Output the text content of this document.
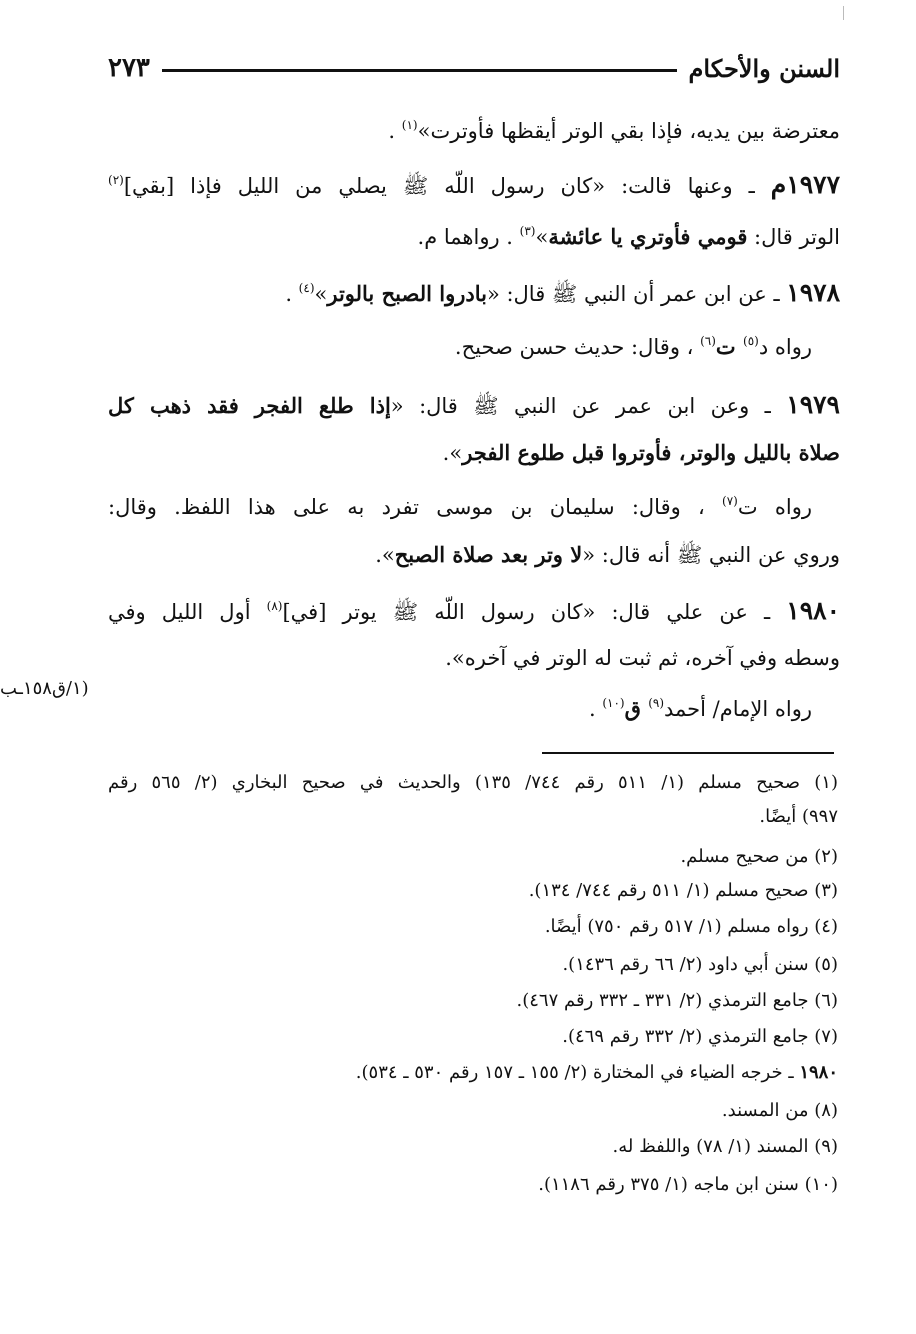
السنن والأحكام
٢٧٣
معترضة بين يديه، فإذا بقي الوتر أيقظها فأوترت»$^{(١)}$ .
١٩٧٧م ـ وعنها قالت: «كان رسول اللّه ﷺ يصلي من الليل فإذا [بقي]$^{(٢)}$
الوتر قال: قومي فأوتري يا عائشة»$^{(٣)}$ . رواهما م.
١٩٧٨ ـ عن ابن عمر أن النبي ﷺ قال: «بادروا الصبح بالوتر»$^{(٤)}$ .
رواه د$^{(٥)}$ ت$^{(٦)}$ ، وقال: حديث حسن صحيح.
١٩٧٩ ـ وعن ابن عمر عن النبي ﷺ قال: «إذا طلع الفجر فقد ذهب كل
صلاة بالليل والوتر، فأوتروا قبل طلوع الفجر».
رواه ت$^{(٧)}$ ، وقال: سليمان بن موسى تفرد به على هذا اللفظ. وقال:
وروي عن النبي ﷺ أنه قال: «لا وتر بعد صلاة الصبح».
١٩٨٠ ـ عن علي قال: «كان رسول اللّه ﷺ يوتر [في]$^{(٨)}$ أول الليل وفي
وسطه وفي آخره، ثم ثبت له الوتر في آخره».
رواه الإمام/ أحمد$^{(٩)}$ ق$^{(١٠)}$ .
(١/ق١٥٨ـب
(١) صحيح مسلم (١/ ٥١١ رقم ٧٤٤/ ١٣٥) والحديث في صحيح البخاري (٢/ ٥٦٥ رقم
٩٩٧) أيضًا.
(٢) من صحيح مسلم.
(٣) صحيح مسلم (١/ ٥١١ رقم ٧٤٤/ ١٣٤).
(٤) رواه مسلم (١/ ٥١٧ رقم ٧٥٠) أيضًا.
(٥) سنن أبي داود (٢/ ٦٦ رقم ١٤٣٦).
(٦) جامع الترمذي (٢/ ٣٣١ ـ ٣٣٢ رقم ٤٦٧).
(٧) جامع الترمذي (٢/ ٣٣٢ رقم ٤٦٩).
١٩٨٠ ـ خرجه الضياء في المختارة (٢/ ١٥٥ ـ ١٥٧ رقم ٥٣٠ ـ ٥٣٤).
(٨) من المسند.
(٩) المسند (١/ ٧٨) واللفظ له.
(١٠) سنن ابن ماجه (١/ ٣٧٥ رقم ١١٨٦).
